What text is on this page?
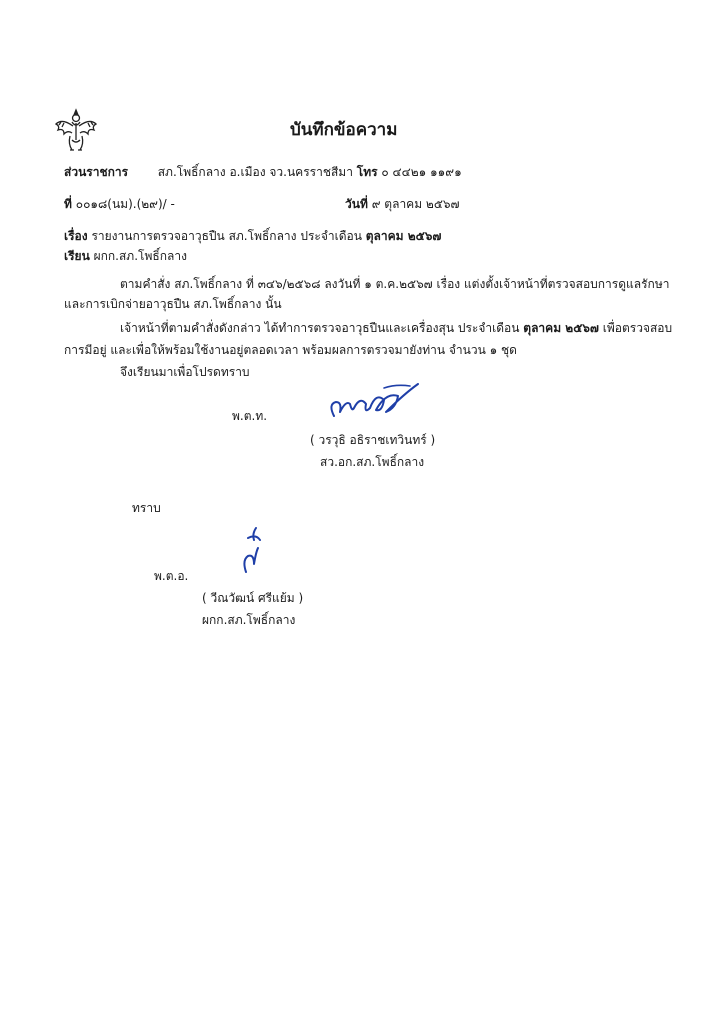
บันทึกข้อความ
ส่วนราชการ สภ.โพธิ์กลาง อ.เมือง จว.นครราชสีมา โทร ๐ ๔๔๒๑ ๑๑๙๑
ที่ ๐๐๑๘(นม).(๒๙)/ -	วันที่ ๙ ตุลาคม ๒๕๖๗
เรื่อง รายงานการตรวจอาวุธปืน สภ.โพธิ์กลาง ประจำเดือน ตุลาคม ๒๕๖๗
เรียน ผกก.สภ.โพธิ์กลาง
ตามคำสั่ง สภ.โพธิ์กลาง ที่ ๓๔๖/๒๕๖๘ ลงวันที่ ๑ ต.ค.๒๕๖๗ เรื่อง แต่งตั้งเจ้าหน้าที่ตรวจสอบการดูแลรักษา
และการเบิกจ่ายอาวุธปืน สภ.โพธิ์กลาง นั้น
เจ้าหน้าที่ตามคำสั่งดังกล่าว ได้ทำการตรวจอาวุธปืนและเครื่องสุน ประจำเดือน ตุลาคม ๒๕๖๗ เพื่อตรวจสอบ
การมีอยู่ และเพื่อให้พร้อมใช้งานอยู่ตลอดเวลา พร้อมผลการตรวจมายังท่าน จำนวน ๑ ชุด
จึงเรียนมาเพื่อโปรดทราบ
พ.ต.ท.
( วรวุธิ อธิราชเทวินทร์ )
สว.อก.สภ.โพธิ์กลาง
ทราบ
พ.ต.อ.
( วีณวัฒน์ ศรีแย้ม )
ผกก.สภ.โพธิ์กลาง
